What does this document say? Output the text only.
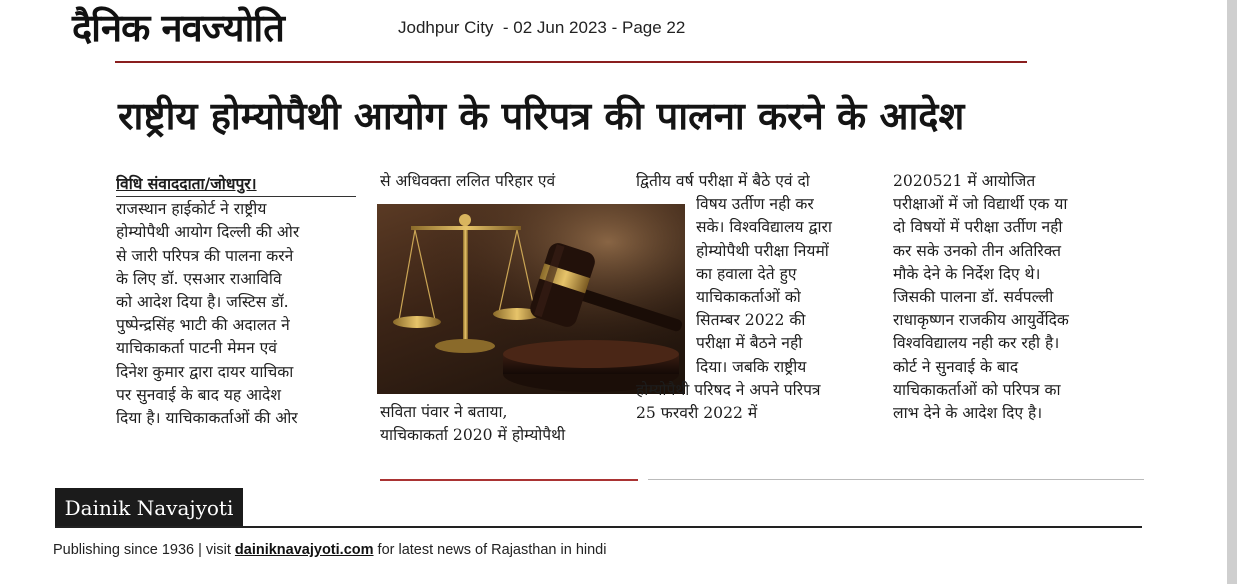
दैनिक नवज्योति	Jodhpur City  - 02 Jun 2023 - Page 22
राष्ट्रीय होम्योपैथी आयोग के परिपत्र की पालना करने के आदेश
विधि संवाददाता/जोधपुर।
राजस्थान हाईकोर्ट ने राष्ट्रीय
होम्योपैथी आयोग दिल्ली की ओर
से जारी परिपत्र की पालना करने
के लिए डॉ. एसआर राआविवि
को आदेश दिया है। जस्टिस डॉ.
पुष्पेन्द्रसिंह भाटी की अदालत ने
याचिकाकर्ता पाटनी मेमन एवं
दिनेश कुमार द्वारा दायर याचिका
पर सुनवाई के बाद यह आदेश
दिया है। याचिकाकर्ताओं की ओर
से अधिवक्ता ललित परिहार एवं
सविता पंवार ने बताया,
याचिकाकर्ता 2020 में होम्योपैथी
द्वितीय वर्ष परीक्षा में बैठे एवं दो
विषय उर्तीण नही कर
सके। विश्वविद्यालय द्वारा
होम्योपैथी परीक्षा नियमों
का हवाला देते हुए
याचिकाकर्ताओं को
सितम्बर 2022 की
परीक्षा में बैठने नही
दिया। जबकि राष्ट्रीय
होम्योपैथी परिषद ने अपने परिपत्र
25 फरवरी 2022 में
2020521 में आयोजित
परीक्षाओं में जो विद्यार्थी एक या
दो विषयों में परीक्षा उर्तीण नही
कर सके उनको तीन अतिरिक्त
मौके देने के निर्देश दिए थे।
जिसकी पालना डॉ. सर्वपल्ली
राधाकृष्णन राजकीय आयुर्वेदिक
विश्वविद्यालय नही कर रही है।
कोर्ट ने सुनवाई के बाद
याचिकाकर्ताओं को परिपत्र का
लाभ देने के आदेश दिए है।
Dainik Navajyoti
Publishing since 1936 | visit dainiknavajyoti.com for latest news of Rajasthan in hindi
